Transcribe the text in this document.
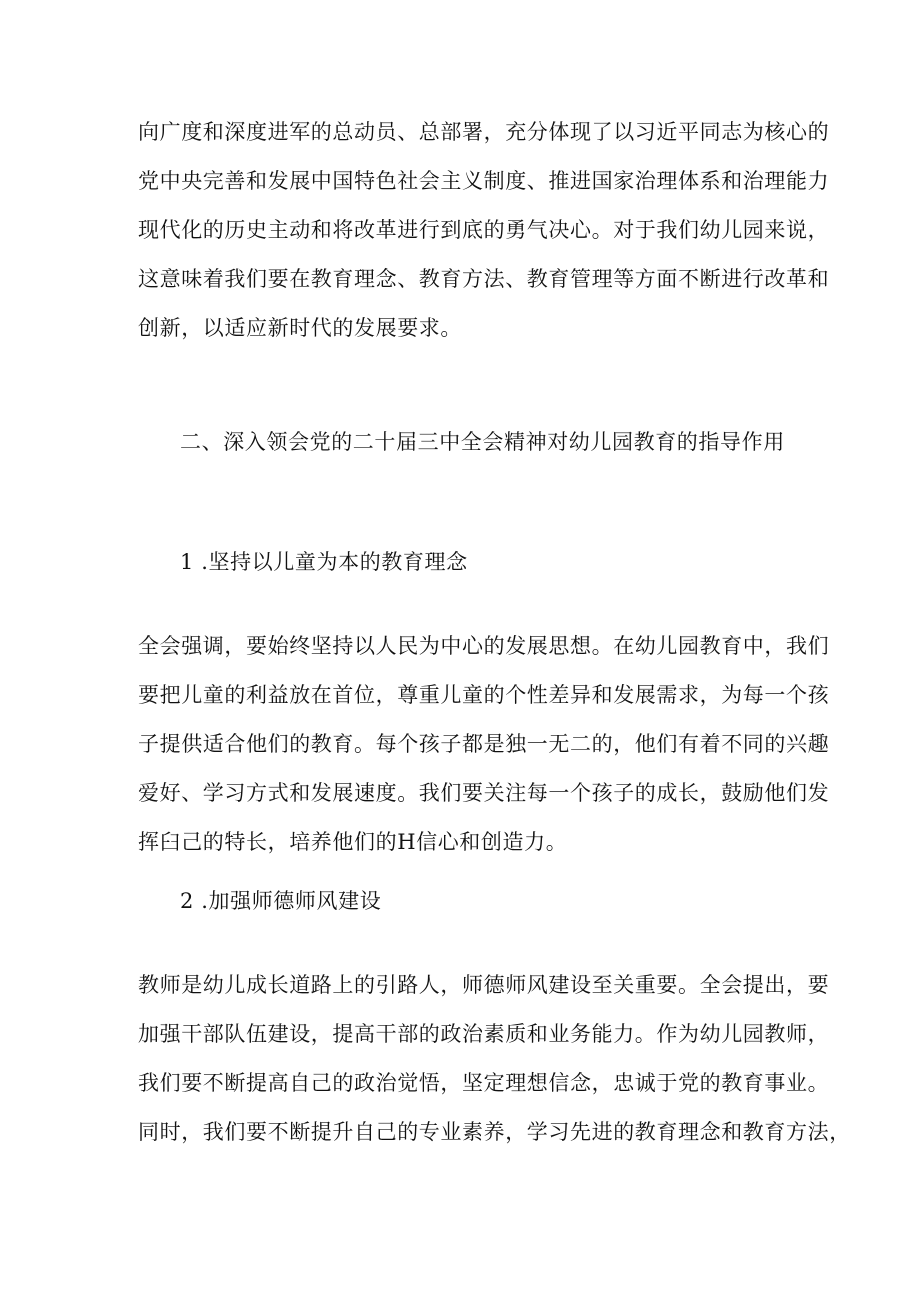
向广度和深度进军的总动员、总部署，充分体现了以习近平同志为核心的
党中央完善和发展中国特色社会主义制度、推进国家治理体系和治理能力
现代化的历史主动和将改革进行到底的勇气决心。对于我们幼儿园来说，
这意味着我们要在教育理念、教育方法、教育管理等方面不断进行改革和
创新，以适应新时代的发展要求。
二、深入领会党的二十届三中全会精神对幼儿园教育的指导作用
1 .坚持以儿童为本的教育理念
全会强调，要始终坚持以人民为中心的发展思想。在幼儿园教育中，我们
要把儿童的利益放在首位，尊重儿童的个性差异和发展需求，为每一个孩
子提供适合他们的教育。每个孩子都是独一无二的，他们有着不同的兴趣
爱好、学习方式和发展速度。我们要关注每一个孩子的成长，鼓励他们发
挥臼己的特长，培养他们的H信心和创造力。
2 .加强师德师风建设
教师是幼儿成长道路上的引路人，师德师风建设至关重要。全会提出，要
加强干部队伍建设，提高干部的政治素质和业务能力。作为幼儿园教师，
我们要不断提高自己的政治觉悟，坚定理想信念，忠诚于党的教育事业。
同时，我们要不断提升自己的专业素养，学习先进的教育理念和教育方法，
